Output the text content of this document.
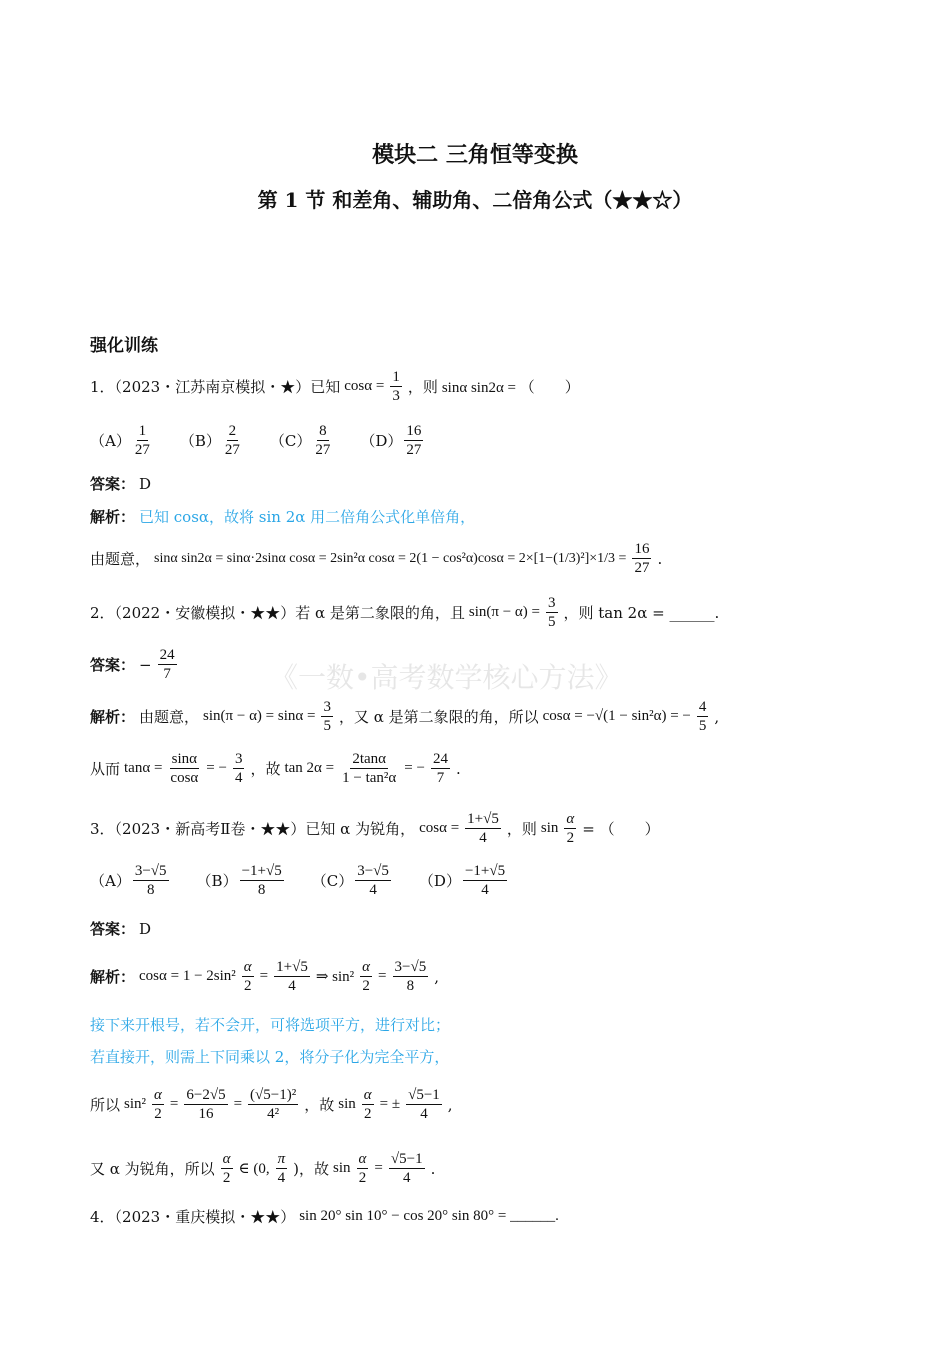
模块二 三角恒等变换
第 1 节 和差角、辅助角、二倍角公式（★★☆）
强化训练
1．（2023・江苏南京模拟・★）已知 $\cos\alpha = \frac{1}{3}$ ，则 sinα sin2α = （　　）
$(A) \frac{1}{27} (B) \frac{2}{27} (C) \frac{8}{27} (D) \frac{16}{27}$
答案： D
解析： 已知 cosα，故将 sin 2α 用二倍角公式化单倍角，
由题意， sinα sin2α = sinα·2sinα cosα = 2sin²α $\cos\alpha = 2(1 - \cos^2\alpha)\cos\alpha = 2\times[1-(1/3)^2]\times 1/3 = \frac{16}{27}$ .
2．（2022・安徽模拟・★★）若 α 是第二象限的角，且 $\sin(\pi - \alpha) = \frac{3}{5}$ ，则 tan 2α = ______.
答案： − $\frac{24}{7}$	《一数•高考数学核心方法》
解析： 由题意， $\sin(\pi - \alpha) = \sin\alpha = \frac{3}{5}$ ，又 α 是第二象限的角，所以 cosα = −√(1 − sin²α) = − $\frac{4}{5}$ ,
从而 $\tan\alpha = \frac{\sin\alpha}{\cos\alpha}$ = − $\frac{3}{4}$ ，故 $\tan 2\alpha = \frac{2\tan\alpha}{\text{1 − tan²α}}$ = − $\frac{24}{7}$ .
3．（2023・新高考Ⅱ卷・★★）已知 α 为锐角， $\cos\alpha = \frac{1+√5}{4}$ ，则 $\sin \frac{\alpha}{2}$ = （　　）
$(A) \frac{3-√5}{8} (B) \frac{-1+√5}{8} (C) \frac{3-√5}{4} (D) \frac{-1+√5}{4}$
答案： D
解析： $\cos\alpha = 1 - 2\sin^2 \frac{\alpha}{2} = \frac{1+√5}{4}$ ⇒ $\sin^2 \frac{\alpha}{2} = \frac{3-√5}{8}$ ,
接下来开根号，若不会开，可将选项平方，进行对比；
若直接开，则需上下同乘以 2，将分子化为完全平方，
所以 $\sin^2 \frac{\alpha}{2} = \frac{6-2√5}{16} = \frac{\text{(√5−1)²}}{\text{4²}}$ ，故 $\sin \frac{\alpha}{2}$ = ± $\frac{√5-1}{4}$ ,
又 α 为锐角，所以 $\frac{\alpha}{2}$ ∈ (0, $\frac{\pi}{4}$ )，故 $\sin \frac{\alpha}{2} = \frac{√5-1}{4}$ .
4．（2023・重庆模拟・★★） sin 20° sin 10° − cos 20° sin 80° = ______.
